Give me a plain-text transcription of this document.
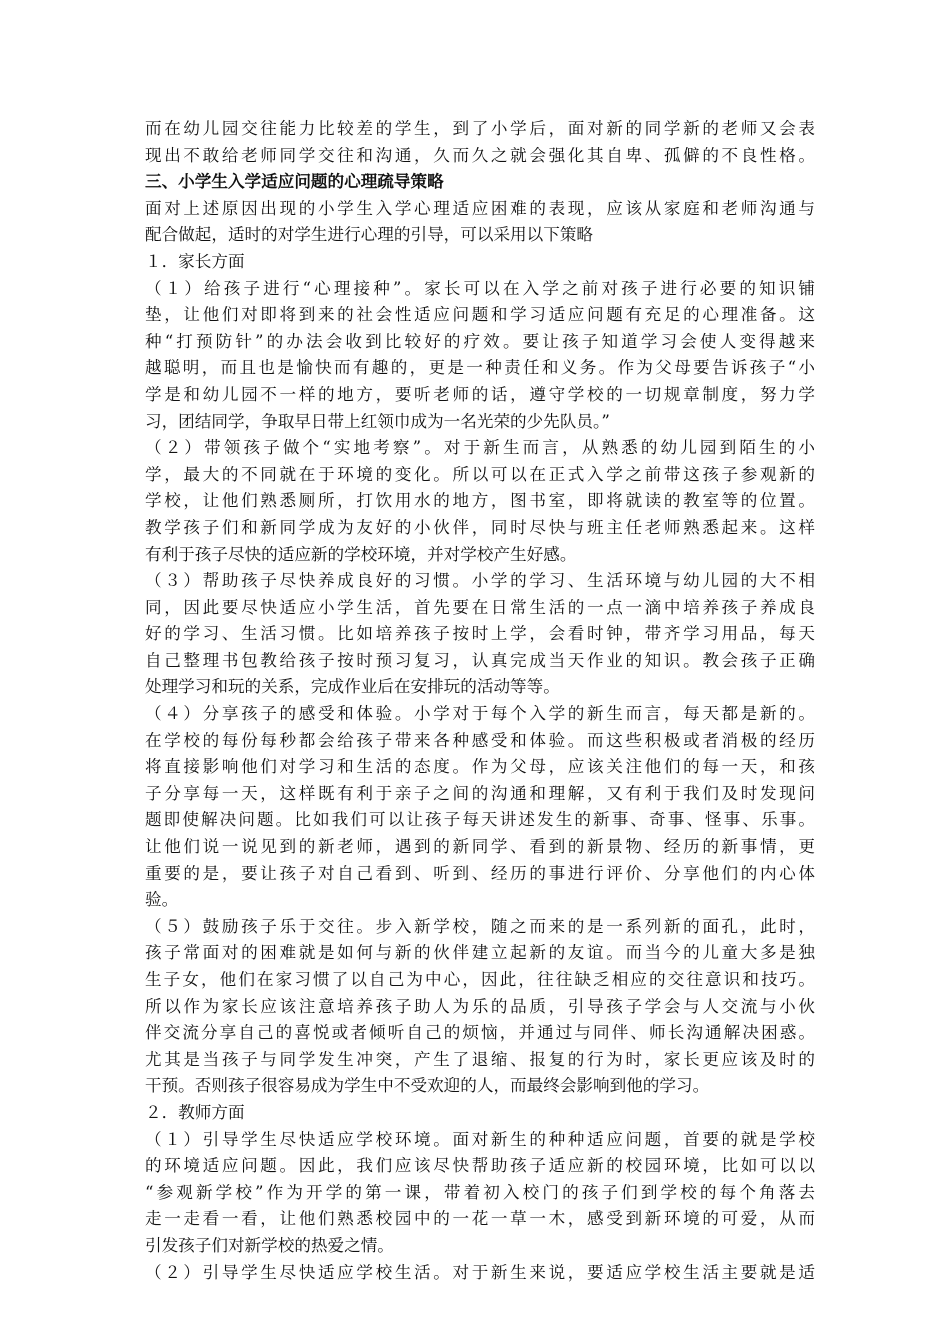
而在幼儿园交往能力比较差的学生，到了小学后，面对新的同学新的老师又会表
现出不敢给老师同学交往和沟通，久而久之就会强化其自卑、孤僻的不良性格。
三、小学生入学适应问题的心理疏导策略
面对上述原因出现的小学生入学心理适应困难的表现，应该从家庭和老师沟通与
配合做起，适时的对学生进行心理的引导，可以采用以下策略
１．家长方面
（１）给孩子进行“心理接种”。家长可以在入学之前对孩子进行必要的知识铺
垫，让他们对即将到来的社会性适应问题和学习适应问题有充足的心理准备。这
种“打预防针”的办法会收到比较好的疗效。要让孩子知道学习会使人变得越来
越聪明，而且也是愉快而有趣的，更是一种责任和义务。作为父母要告诉孩子“小
学是和幼儿园不一样的地方，要听老师的话，遵守学校的一切规章制度，努力学
习，团结同学，争取早日带上红领巾成为一名光荣的少先队员。”
（２）带领孩子做个“实地考察”。对于新生而言，从熟悉的幼儿园到陌生的小
学，最大的不同就在于环境的变化。所以可以在正式入学之前带这孩子参观新的
学校，让他们熟悉厕所，打饮用水的地方，图书室，即将就读的教室等的位置。
教学孩子们和新同学成为友好的小伙伴，同时尽快与班主任老师熟悉起来。这样
有利于孩子尽快的适应新的学校环境，并对学校产生好感。
（３）帮助孩子尽快养成良好的习惯。小学的学习、生活环境与幼儿园的大不相
同，因此要尽快适应小学生活，首先要在日常生活的一点一滴中培养孩子养成良
好的学习、生活习惯。比如培养孩子按时上学，会看时钟，带齐学习用品，每天
自己整理书包教给孩子按时预习复习，认真完成当天作业的知识。教会孩子正确
处理学习和玩的关系，完成作业后在安排玩的活动等等。
（４）分享孩子的感受和体验。小学对于每个入学的新生而言，每天都是新的。
在学校的每份每秒都会给孩子带来各种感受和体验。而这些积极或者消极的经历
将直接影响他们对学习和生活的态度。作为父母，应该关注他们的每一天，和孩
子分享每一天，这样既有利于亲子之间的沟通和理解，又有利于我们及时发现问
题即使解决问题。比如我们可以让孩子每天讲述发生的新事、奇事、怪事、乐事。
让他们说一说见到的新老师，遇到的新同学、看到的新景物、经历的新事情，更
重要的是，要让孩子对自己看到、听到、经历的事进行评价、分享他们的内心体
验。
（５）鼓励孩子乐于交往。步入新学校，随之而来的是一系列新的面孔，此时，
孩子常面对的困难就是如何与新的伙伴建立起新的友谊。而当今的儿童大多是独
生子女，他们在家习惯了以自己为中心，因此，往往缺乏相应的交往意识和技巧。
所以作为家长应该注意培养孩子助人为乐的品质，引导孩子学会与人交流与小伙
伴交流分享自己的喜悦或者倾听自己的烦恼，并通过与同伴、师长沟通解决困惑。
尤其是当孩子与同学发生冲突，产生了退缩、报复的行为时，家长更应该及时的
干预。否则孩子很容易成为学生中不受欢迎的人，而最终会影响到他的学习。
２．教师方面
（１）引导学生尽快适应学校环境。面对新生的种种适应问题，首要的就是学校
的环境适应问题。因此，我们应该尽快帮助孩子适应新的校园环境，比如可以以
“参观新学校”作为开学的第一课，带着初入校门的孩子们到学校的每个角落去
走一走看一看，让他们熟悉校园中的一花一草一木，感受到新环境的可爱，从而
引发孩子们对新学校的热爱之情。
（２）引导学生尽快适应学校生活。对于新生来说，要适应学校生活主要就是适
